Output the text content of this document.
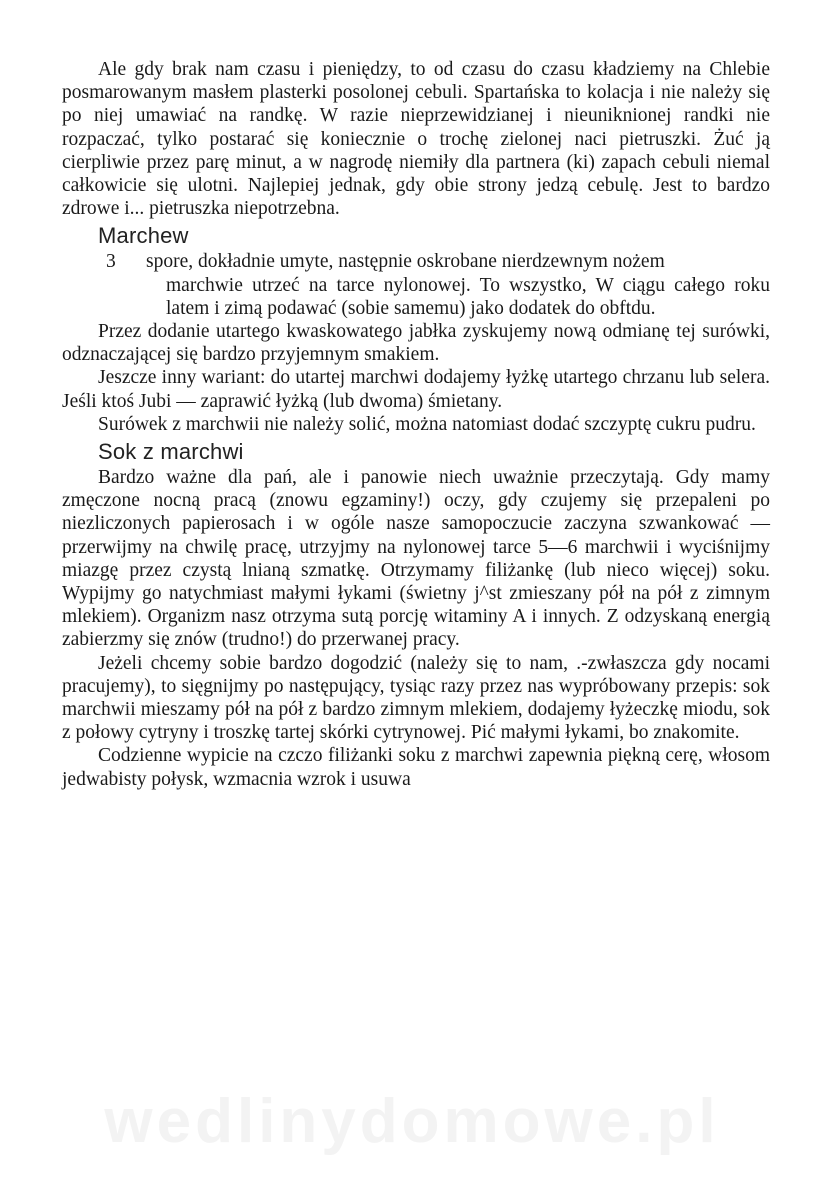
Ale gdy brak nam czasu i pieniędzy, to od czasu do czasu kładziemy na Chlebie posmarowanym masłem plasterki posolonej cebuli. Spartańska to kolacja i nie należy się po niej umawiać na randkę. W razie nieprzewidzianej i nieuniknionej randki nie rozpaczać, tylko postarać się koniecznie o trochę zielonej naci pietruszki. Żuć ją cierpliwie przez parę minut, a w nagrodę niemiły dla partnera (ki) zapach cebuli niemal całkowicie się ulotni. Najlepiej jednak, gdy obie strony jedzą cebulę. Jest to bardzo zdrowe i... pietruszka niepotrzebna.

Marchew
3	spore, dokładnie umyte, następnie oskrobane nierdzewnym nożem
marchwie utrzeć na tarce nylonowej. To wszystko, W ciągu całego roku latem i zimą podawać (sobie samemu) jako dodatek do obftdu.

Przez dodanie utartego kwaskowatego jabłka zyskujemy nową odmianę tej surówki, odznaczającej się bardzo przyjemnym smakiem.

Jeszcze inny wariant: do utartej marchwi dodajemy łyżkę utartego chrzanu lub selera. Jeśli ktoś Jubi — zaprawić łyżką (lub dwoma) śmietany.

Surówek z marchwii nie należy solić, można natomiast dodać szczyptę cukru pudru.

Sok z marchwi

Bardzo ważne dla pań, ale i panowie niech uważnie przeczytają. Gdy mamy zmęczone nocną pracą (znowu egzaminy!) oczy, gdy czujemy się przepaleni po niezliczonych papierosach i w ogóle nasze samopoczucie zaczyna szwankować — przerwijmy na chwilę pracę, utrzyjmy na nylonowej tarce 5—6 marchwii i wyciśnijmy miazgę przez czystą lnianą szmatkę. Otrzymamy filiżankę (lub nieco więcej) soku. Wypijmy go natychmiast małymi łykami (świetny j^st zmieszany pół na pół z zimnym mlekiem). Organizm nasz otrzyma sutą porcję witaminy A i innych. Z odzyskaną energią zabierzmy się znów (trudno!) do przerwanej pracy.

Jeżeli chcemy sobie bardzo dogodzić (należy się to nam, .-zwłaszcza gdy nocami pracujemy), to sięgnijmy po następujący, tysiąc razy przez nas wypróbowany przepis: sok marchwii mieszamy pół na pół z bardzo zimnym mlekiem, dodajemy łyżeczkę miodu, sok z połowy cytryny i troszkę tartej skórki cytrynowej. Pić małymi łykami, bo znakomite.

Codzienne wypicie na czczo filiżanki soku z marchwi zapewnia piękną cerę, włosom jedwabisty połysk, wzmacnia wzrok i usuwa

wedlinydomowe.pl
